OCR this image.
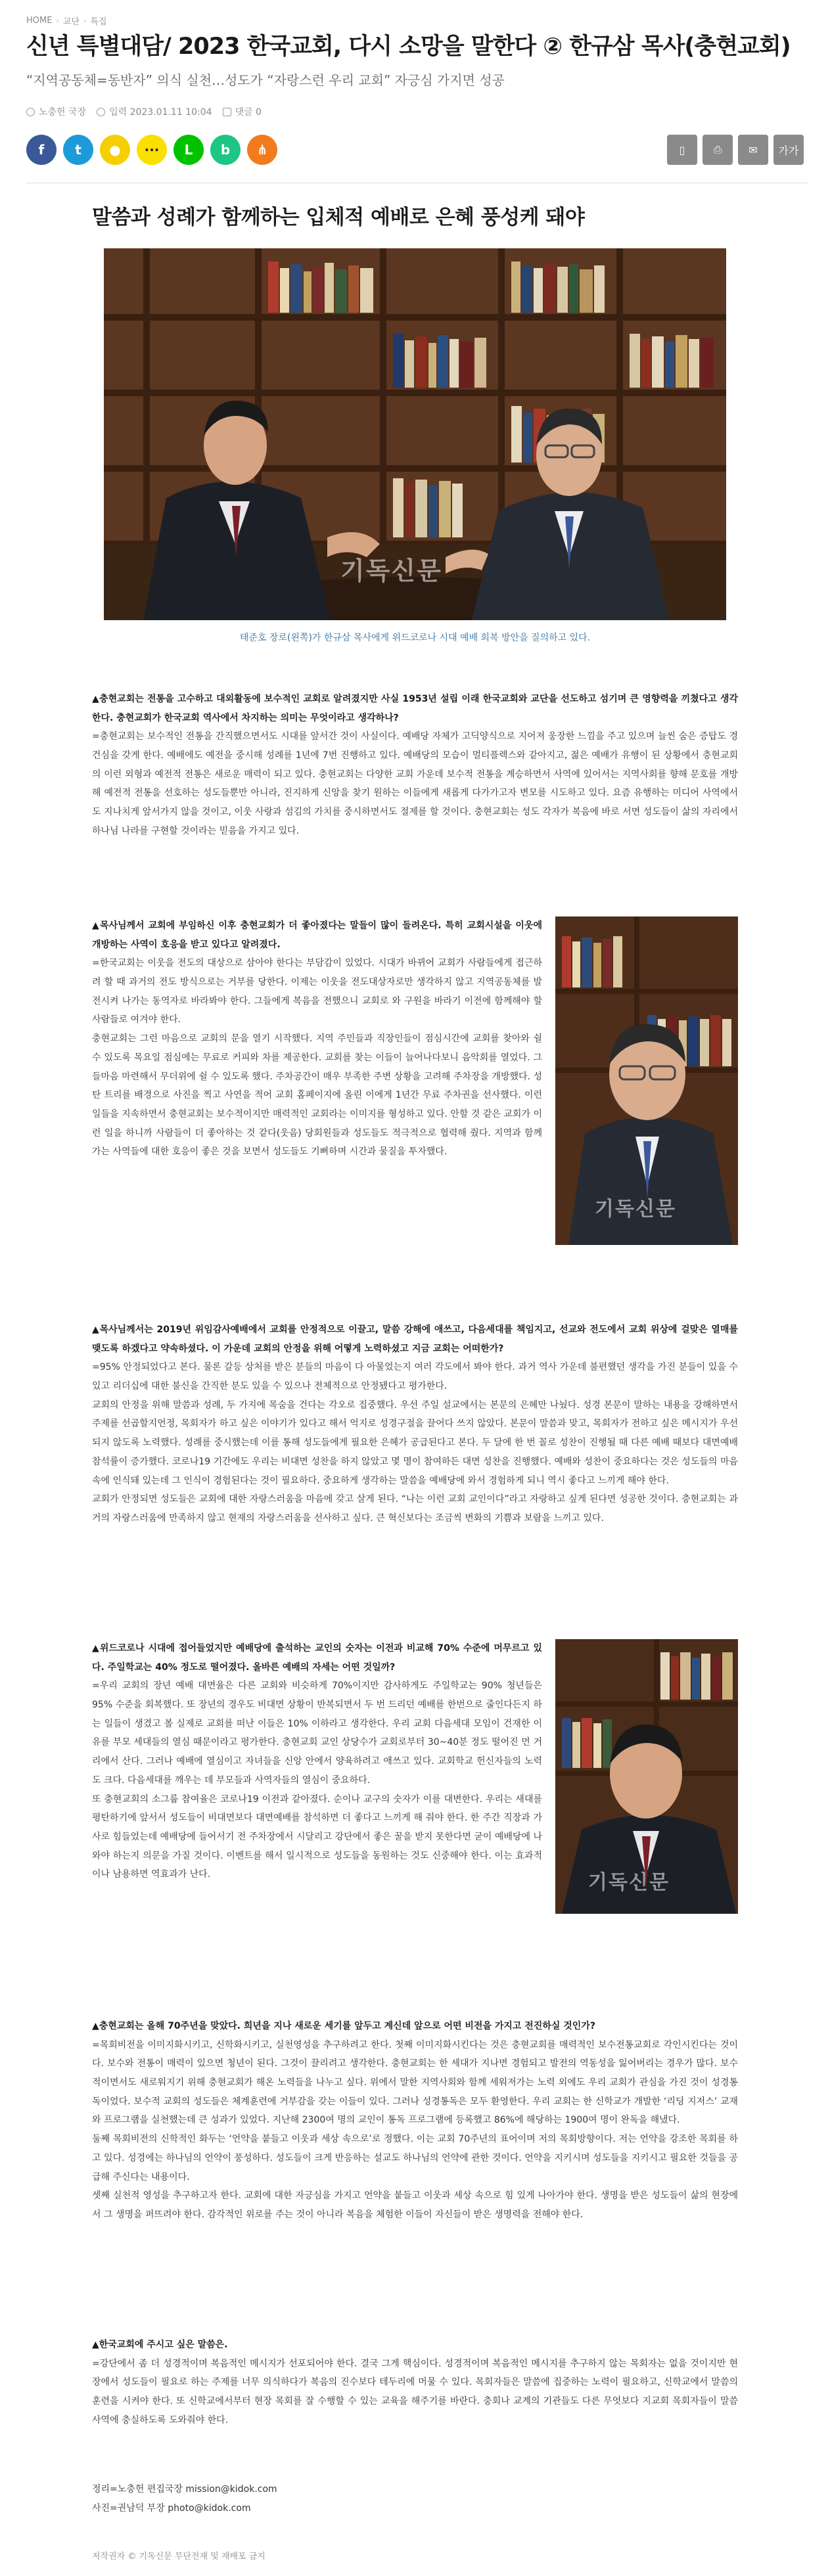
HOME › 교단 › 특집
신년 특별대담/ 2023 한국교회, 다시 소망을 말한다 ② 한규삼 목사(충현교회)
“지역공동체=동반자” 의식 실천…성도가 “자랑스런 우리 교회” 자긍심 가지면 성공
노충헌 국장	입력 2023.01.11 10:04	댓글 0
f t ● ··· L b ⋔	▯	⎙	✉ 가가
말씀과 성례가 함께하는 입체적 예배로 은혜 풍성케 돼야
기독신문
태준호 장로(왼쪽)가 한규삼 목사에게 위드코로나 시대 예배 회복 방안을 질의하고 있다.

▲충현교회는 전통을 고수하고 대외활동에 보수적인 교회로 알려졌지만 사실 1953년 설립 이래 한국교회와 교단을 선도하고 섬기며 큰 영향력을 끼쳤다고 생각한다. 충현교회가 한국교회 역사에서 차지하는 의미는 무엇이라고 생각하나?

=충현교회는 보수적인 전통을 간직했으면서도 시대를 앞서간 것이 사실이다. 예배당 자체가 고딕양식으로 지어져 웅장한 느낌을 주고 있으며 늘씬 숨은 증탑도 경건심을 갖게 한다. 예배에도 예전을 중시해 성례를 1년에 7번 진행하고 있다. 예배당의 모습이 멀티플렉스와 같아지고, 젊은 예배가 유행이 된 상황에서 충현교회의 이런 외형과 예전적 전통은 새로운 매력이 되고 있다. 충현교회는 다양한 교회 가운데 보수적 전통을 계승하면서 사역에 있어서는 지역사회를 향해 문호를 개방해 예전적 전통을 선호하는 성도들뿐만 아니라, 진지하게 신앙을 찾기 원하는 이들에게 새롭게 다가가고자 변모를 시도하고 있다. 요즘 유행하는 미디어 사역에서도 지나치게 앞서가지 않을 것이고, 이웃 사랑과 섬김의 가치를 중시하면서도 절제를 할 것이다. 충현교회는 성도 각자가 복음에 바로 서면 성도들이 삶의 자리에서 하나님 나라를 구현할 것이라는 믿음을 가지고 있다.

기독신문

▲목사님께서 교회에 부임하신 이후 충현교회가 더 좋아졌다는 말들이 많이 들려온다. 특히 교회시설을 이웃에 개방하는 사역이 호응을 받고 있다고 알려졌다.

=한국교회는 이웃을 전도의 대상으로 삼아야 한다는 부담감이 있었다. 시대가 바뀌어 교회가 사람들에게 접근하려 할 때 과거의 전도 방식으로는 거부를 당한다. 이제는 이웃을 전도대상자로만 생각하지 않고 지역공동체를 발전시켜 나가는 동역자로 바라봐야 한다. 그들에게 복음을 전했으니 교회로 와 구원을 바라기 이전에 함께해야 할 사람들로 여겨야 한다.

충현교회는 그런 마음으로 교회의 문을 열기 시작했다. 지역 주민들과 직장인들이 점심시간에 교회를 찾아와 쉴 수 있도록 목요일 점심에는 무료로 커피와 차를 제공한다. 교회를 찾는 이들이 늘어나다보니 음악회를 열었다. 그들마음 마련해서 무더위에 쉴 수 있도록 했다. 주차공간이 매우 부족한 주변 상황을 고려해 주차장을 개방했다. 성탄 트리를 배경으로 사진을 찍고 사연을 적어 교회 홈페이지에 올린 이에게 1년간 무료 주차권을 선사했다. 이런 일들을 지속하면서 충현교회는 보수적이지만 매력적인 교회라는 이미지를 형성하고 있다. 안할 것 같은 교회가 이런 일을 하니까 사람들이 더 좋아하는 것 같다(웃음) 당회원들과 성도들도 적극적으로 협력해 줬다. 지역과 함께 가는 사역들에 대한 호응이 좋은 것을 보면서 성도들도 기뻐하며 시간과 물질을 투자했다.

▲목사님께서는 2019년 위임감사예배에서 교회를 안정적으로 이끌고, 말씀 강해에 애쓰고, 다음세대를 책임지고, 선교와 전도에서 교회 위상에 걸맞은 열매를 맺도록 하겠다고 약속하셨다. 이 가운데 교회의 안정을 위해 어떻게 노력하셨고 지금 교회는 어떠한가?

=95% 안정되었다고 본다. 물론 갈등 상처를 받은 분들의 마음이 다 아물었는지 여러 각도에서 봐야 한다. 과거 역사 가운데 불편했던 생각을 가진 분들이 있을 수 있고 리더십에 대한 불신을 간직한 분도 있을 수 있으나 전체적으로 안정됐다고 평가한다.

교회의 안정을 위해 말씀과 성례, 두 가지에 목숨을 건다는 각오로 집중했다. 우선 주일 설교에서는 본문의 은혜만 나눴다. 성경 본문이 말하는 내용을 강해하면서 주제를 선곱할지언정, 목회자가 하고 싶은 이야기가 있다고 해서 억지로 성경구절을 끌어다 쓰지 않았다. 본문이 말씀과 맞고, 목회자가 전하고 싶은 메시지가 우선되지 않도록 노력했다. 성례를 중시했는데 이를 통해 성도들에게 필요한 은혜가 공급된다고 본다. 두 달에 한 번 꼴로 성찬이 진행될 때 다른 예배 때보다 대면예배 참석률이 증가했다. 코로나19 기간에도 우리는 비대면 성찬을 하지 않았고 몇 명이 참여하든 대면 성찬을 진행했다. 예배와 성찬이 중요하다는 것은 성도들의 마음속에 인식돼 있는데 그 인식이 경험된다는 것이 필요하다. 중요하게 생각하는 말씀을 예배당에 와서 경험하게 되니 역시 좋다고 느끼게 해야 한다.

교회가 안정되면 성도들은 교회에 대한 자랑스러움을 마음에 갖고 살게 된다. “나는 이런 교회 교인이다”라고 자랑하고 싶게 된다면 성공한 것이다. 충현교회는 과거의 자랑스러움에 만족하지 않고 현재의 자랑스러움을 선사하고 싶다. 큰 혁신보다는 조금씩 변화의 기쁨과 보람을 느끼고 있다.

기독신문

▲위드코로나 시대에 접어들었지만 예배당에 출석하는 교인의 숫자는 이전과 비교해 70% 수준에 머무르고 있다. 주일학교는 40% 정도로 떨어졌다. 올바른 예배의 자세는 어떤 것일까?

=우리 교회의 장년 예배 대면율은 다른 교회와 비슷하게 70%이지만 감사하게도 주일학교는 90% 청년들은 95% 수준을 회복했다. 또 장년의 경우도 비대면 상황이 반복되면서 두 번 드리던 예배를 한번으로 줄인다든지 하는 일들이 생겼고 볼 실제로 교회를 떠난 이들은 10% 이하라고 생각한다. 우리 교회 다음세대 모임이 건재한 이유를 부모 세대들의 열심 때문이라고 평가한다. 충현교회 교인 상당수가 교회로부터 30~40분 정도 떨어진 먼 거리에서 산다. 그러나 예배에 열심이고 자녀들을 신앙 안에서 양육하려고 애쓰고 있다. 교회학교 헌신자들의 노력도 크다. 다음세대를 깨우는 데 부모들과 사역자들의 열심이 중요하다.

또 충현교회의 소그룹 참여율은 코로나19 이전과 같아졌다. 순이나 교구의 숫자가 이를 대변한다. 우리는 새대를 평탄하기에 앞서서 성도들이 비대면보다 대면예배를 참석하면 더 좋다고 느끼게 해 줘야 한다. 한 주간 직장과 가사로 힘들었는데 예배당에 들어서기 전 주차장에서 시달리고 강단에서 좋은 꿀을 받지 못한다면 굳이 예배당에 나와야 하는지 의문을 가질 것이다. 이벤트를 해서 일시적으로 성도들을 동원하는 것도 신중해야 한다. 이는 효과적이나 남용하면 역효과가 난다.

▲충현교회는 올해 70주년을 맞았다. 희년을 지나 새로운 세기를 앞두고 계신데 앞으로 어떤 비전을 가지고 전진하실 것인가?

=목회비전을 이미지화시키고, 신학화시키고, 실천영성을 추구하려고 한다. 첫째 이미지화시킨다는 것은 충현교회를 매력적인 보수전통교회로 각인시킨다는 것이다. 보수와 전통이 매력이 있으면 청년이 된다. 그것이 끌리려고 생각한다. 충현교회는 한 세대가 지나면 경험되고 발전의 역동성을 잃어버리는 경우가 많다. 보수적이면서도 새로워지기 위해 충현교회가 해온 노력들을 나누고 싶다. 위에서 말한 지역사회와 함께 세워져가는 노력 외에도 우리 교회가 관심을 가진 것이 성경통독이었다. 보수적 교회의 성도들은 체계훈련에 거부감을 갖는 이들이 있다. 그러나 성경통독은 모두 환영한다. 우리 교회는 한 신학교가 개발한 ‘리딩 지저스’ 교재와 프로그램을 실천했는데 큰 성과가 있었다. 지난해 2300여 명의 교인이 통독 프로그램에 등록했고 86%에 해당하는 1900여 명이 완독을 해냈다.

둘째 목회비전의 신학적인 화두는 ‘언약을 붙들고 이웃과 세상 속으로’로 정했다. 이는 교회 70주년의 표어이며 저의 목회방향이다. 저는 언약을 강조한 목회를 하고 있다. 성경에는 하나님의 언약이 풍성하다. 성도들이 크게 반응하는 설교도 하나님의 언약에 관한 것이다. 언약을 지키시며 성도들을 지키시고 필요한 것들을 공급해 주신다는 내용이다.

셋째 실천적 영성을 추구하고자 한다. 교회에 대한 자긍심을 가지고 언약을 붙들고 이웃과 세상 속으로 힘 있게 나아가야 한다. 생명을 받은 성도들이 삶의 현장에서 그 생명을 퍼뜨려야 한다. 감각적인 위로를 주는 것이 아니라 복음을 체험한 이들이 자신들이 받은 생명력을 전해야 한다.

▲한국교회에 주시고 싶은 말씀은.

=강단에서 좀 더 성경적이며 복음적인 메시지가 선포되어야 한다. 결국 그게 핵심이다. 성경적이며 복음적인 메시지를 추구하지 않는 목회자는 없을 것이지만 현장에서 성도들이 필요로 하는 주제를 너무 의식하다가 복음의 진수보다 테두리에 머물 수 있다. 목회자들은 말씀에 집중하는 노력이 필요하고, 신학교에서 말씀의 훈련을 시켜야 한다. 또 신학교에서부터 현장 목회를 잘 수행할 수 있는 교육을 해주기를 바란다. 충회나 교계의 기관들도 다른 무엇보다 지교회 목회자들이 말씀 사역에 충실하도록 도와줘야 한다.

정리=노충헌 편집국장 mission@kidok.com
사진=권남덕 부장 photo@kidok.com
저작권자 © 기독신문 무단전재 및 재배포 금지
